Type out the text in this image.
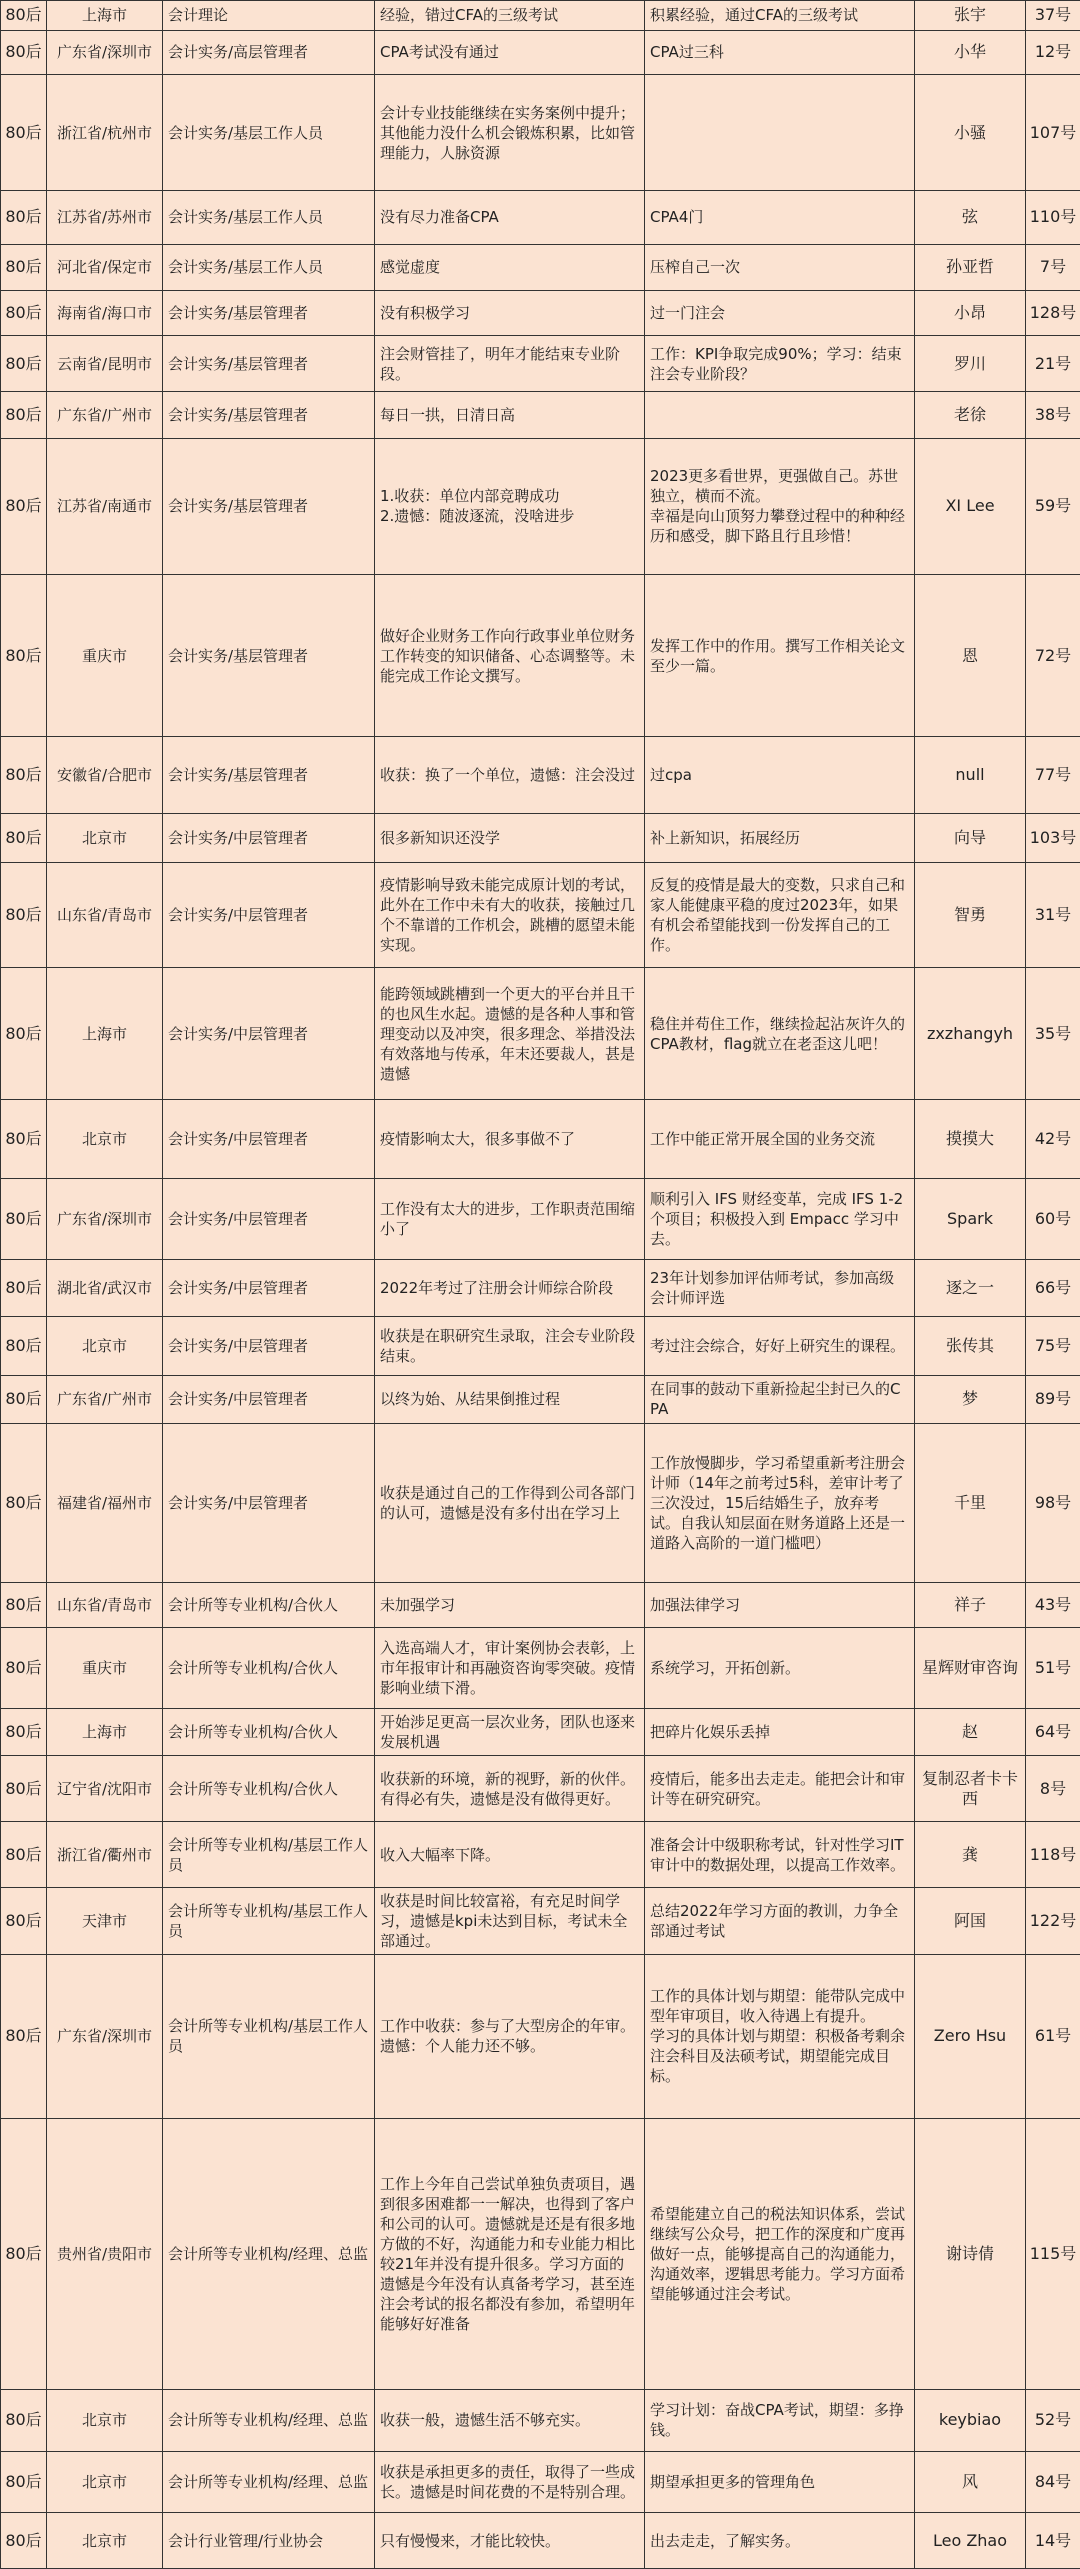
80后	上海市	会计理论	经验，错过CFA的三级考试	积累经验，通过CFA的三级考试	张宇	37号
80后	广东省/深圳市	会计实务/高层管理者	CPA考试没有通过	CPA过三科	小华	12号
80后	浙江省/杭州市	会计实务/基层工作人员	会计专业技能继续在实务案例中提升；
其他能力没什么机会锻炼积累，比如管理能力，人脉资源		小骚	107号
80后	江苏省/苏州市	会计实务/基层工作人员	没有尽力准备CPA	CPA4门	弦	110号
80后	河北省/保定市	会计实务/基层工作人员	感觉虚度	压榨自己一次	孙亚哲	7号
80后	海南省/海口市	会计实务/基层管理者	没有积极学习	过一门注会	小昂	128号
80后	云南省/昆明市	会计实务/基层管理者	注会财管挂了，明年才能结束专业阶段。	工作：KPI争取完成90%；学习：结束注会专业阶段？	罗川	21号
80后	广东省/广州市	会计实务/基层管理者	每日一拱，日清日高		老徐	38号
80后	江苏省/南通市	会计实务/基层管理者	1.收获：单位内部竞聘成功
2.遗憾：随波逐流，没啥进步	2023更多看世界，更强做自己。苏世独立，横而不流。
幸福是向山顶努力攀登过程中的种种经历和感受，脚下路且行且珍惜！	XI Lee	59号
80后	重庆市	会计实务/基层管理者	做好企业财务工作向行政事业单位财务工作转变的知识储备、心态调整等。未能完成工作论文撰写。	发挥工作中的作用。撰写工作相关论文至少一篇。	恩	72号
80后	安徽省/合肥市	会计实务/基层管理者	收获：换了一个单位，遗憾：注会没过	过cpa	null	77号
80后	北京市	会计实务/中层管理者	很多新知识还没学	补上新知识，拓展经历	向导	103号
80后	山东省/青岛市	会计实务/中层管理者	疫情影响导致未能完成原计划的考试，此外在工作中未有大的收获，接触过几个不靠谱的工作机会，跳槽的愿望未能实现。	反复的疫情是最大的变数，只求自己和家人能健康平稳的度过2023年，如果有机会希望能找到一份发挥自己的工作。	智勇	31号
80后	上海市	会计实务/中层管理者	能跨领域跳槽到一个更大的平台并且干的也风生水起。遗憾的是各种人事和管理变动以及冲突，很多理念、举措没法有效落地与传承，年末还要裁人，甚是遗憾	稳住并苟住工作，继续捡起沾灰许久的CPA教材，flag就立在老歪这儿吧！	zxzhangyh	35号
80后	北京市	会计实务/中层管理者	疫情影响太大，很多事做不了	工作中能正常开展全国的业务交流	摸摸大	42号
80后	广东省/深圳市	会计实务/中层管理者	工作没有太大的进步，工作职责范围缩小了	顺利引入 IFS 财经变革，完成 IFS 1-2 个项目；积极投入到 Empacc 学习中去。	Spark	60号
80后	湖北省/武汉市	会计实务/中层管理者	2022年考过了注册会计师综合阶段	23年计划参加评估师考试，参加高级会计师评选	逐之一	66号
80后	北京市	会计实务/中层管理者	收获是在职研究生录取，注会专业阶段结束。	考过注会综合，好好上研究生的课程。	张传其	75号
80后	广东省/广州市	会计实务/中层管理者	以终为始、从结果倒推过程	在同事的鼓动下重新捡起尘封已久的CPA	梦	89号
80后	福建省/福州市	会计实务/中层管理者	收获是通过自己的工作得到公司各部门的认可，遗憾是没有多付出在学习上	工作放慢脚步，学习希望重新考注册会计师（14年之前考过5科，差审计考了三次没过，15后结婚生子，放弃考试。自我认知层面在财务道路上还是一道路入高阶的一道门槛吧）	千里	98号
80后	山东省/青岛市	会计所等专业机构/合伙人	未加强学习	加强法律学习	祥子	43号
80后	重庆市	会计所等专业机构/合伙人	入选高端人才，审计案例协会表彰，上市年报审计和再融资咨询零突破。疫情影响业绩下滑。	系统学习，开拓创新。	星辉财审咨询	51号
80后	上海市	会计所等专业机构/合伙人	开始涉足更高一层次业务，团队也逐来发展机遇	把碎片化娱乐丢掉	赵	64号
80后	辽宁省/沈阳市	会计所等专业机构/合伙人	收获新的环境，新的视野，新的伙伴。有得必有失，遗憾是没有做得更好。	疫情后，能多出去走走。能把会计和审计等在研究研究。	复制忍者卡卡西	8号
80后	浙江省/衢州市	会计所等专业机构/基层工作人员	收入大幅率下降。	准备会计中级职称考试，针对性学习IT审计中的数据处理，以提高工作效率。	龚	118号
80后	天津市	会计所等专业机构/基层工作人员	收获是时间比较富裕，有充足时间学习，遗憾是kpi未达到目标，考试未全部通过。	总结2022年学习方面的教训，力争全部通过考试	阿国	122号
80后	广东省/深圳市	会计所等专业机构/基层工作人员	工作中收获：参与了大型房企的年审。遗憾：个人能力还不够。	工作的具体计划与期望：能带队完成中型年审项目，收入待遇上有提升。
学习的具体计划与期望：积极备考剩余注会科目及法硕考试，期望能完成目标。	Zero Hsu	61号
80后	贵州省/贵阳市	会计所等专业机构/经理、总监	工作上今年自己尝试单独负责项目，遇到很多困难都一一解决，也得到了客户和公司的认可。遗憾就是还是有很多地方做的不好，沟通能力和专业能力相比较21年并没有提升很多。学习方面的遗憾是今年没有认真备考学习，甚至连注会考试的报名都没有参加，希望明年能够好好准备	希望能建立自己的税法知识体系，尝试继续写公众号，把工作的深度和广度再做好一点，能够提高自己的沟通能力，沟通效率，逻辑思考能力。学习方面希望能够通过注会考试。	谢诗倩	115号
80后	北京市	会计所等专业机构/经理、总监	收获一般，遗憾生活不够充实。	学习计划：奋战CPA考试，期望：多挣钱。	keybiao	52号
80后	北京市	会计所等专业机构/经理、总监	收获是承担更多的责任，取得了一些成长。遗憾是时间花费的不是特别合理。	期望承担更多的管理角色	风	84号
80后	北京市	会计行业管理/行业协会	只有慢慢来，才能比较快。	出去走走，了解实务。	Leo Zhao	14号
